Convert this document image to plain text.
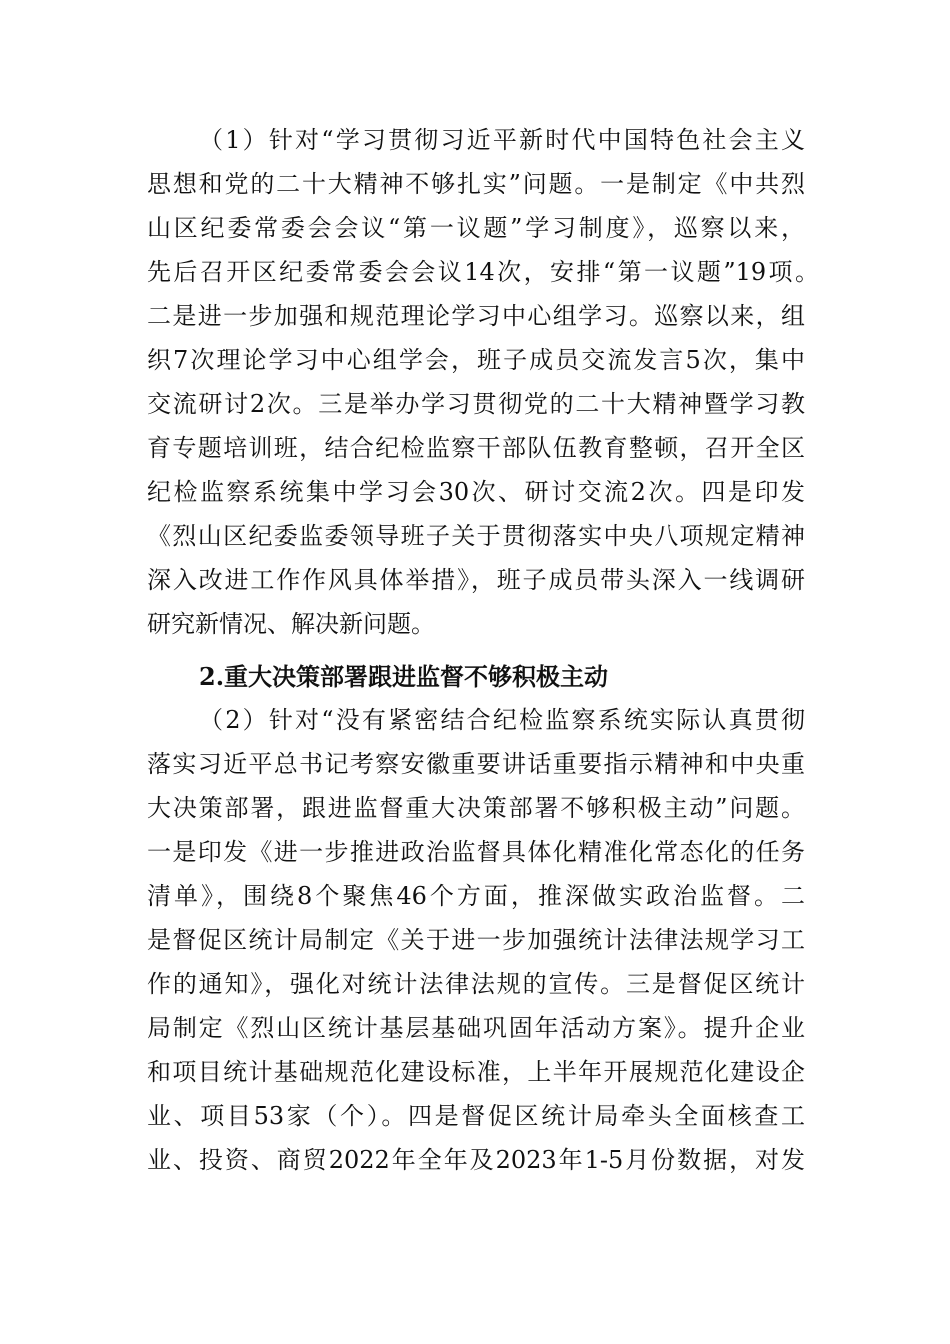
2.重大决策部署跟进监督不够积极主动
（1）针对“学习贯彻习近平新时代中国特色社会主义
思想和党的二十大精神不够扎实”问题。一是制定《中共烈
山区纪委常委会会议“第一议题”学习制度》，巡察以来，
先后召开区纪委常委会会议14次，安排“第一议题”19项。
二是进一步加强和规范理论学习中心组学习。巡察以来，组
织7次理论学习中心组学会，班子成员交流发言5次，集中
交流研讨2次。三是举办学习贯彻党的二十大精神暨学习教
育专题培训班，结合纪检监察干部队伍教育整顿，召开全区
纪检监察系统集中学习会30次、研讨交流2次。四是印发
《烈山区纪委监委领导班子关于贯彻落实中央八项规定精神
深入改进工作作风具体举措》，班子成员带头深入一线调研
研究新情况、解决新问题。
（2）针对“没有紧密结合纪检监察系统实际认真贯彻
落实习近平总书记考察安徽重要讲话重要指示精神和中央重
大决策部署，跟进监督重大决策部署不够积极主动”问题。
一是印发《进一步推进政治监督具体化精准化常态化的任务
清单》，围绕8个聚焦46个方面，推深做实政治监督。二
是督促区统计局制定《关于进一步加强统计法律法规学习工
作的通知》，强化对统计法律法规的宣传。三是督促区统计
局制定《烈山区统计基层基础巩固年活动方案》。提升企业
和项目统计基础规范化建设标准，上半年开展规范化建设企
业、项目53家（个）。四是督促区统计局牵头全面核查工
业、投资、商贸2022年全年及2023年1-5月份数据，对发
